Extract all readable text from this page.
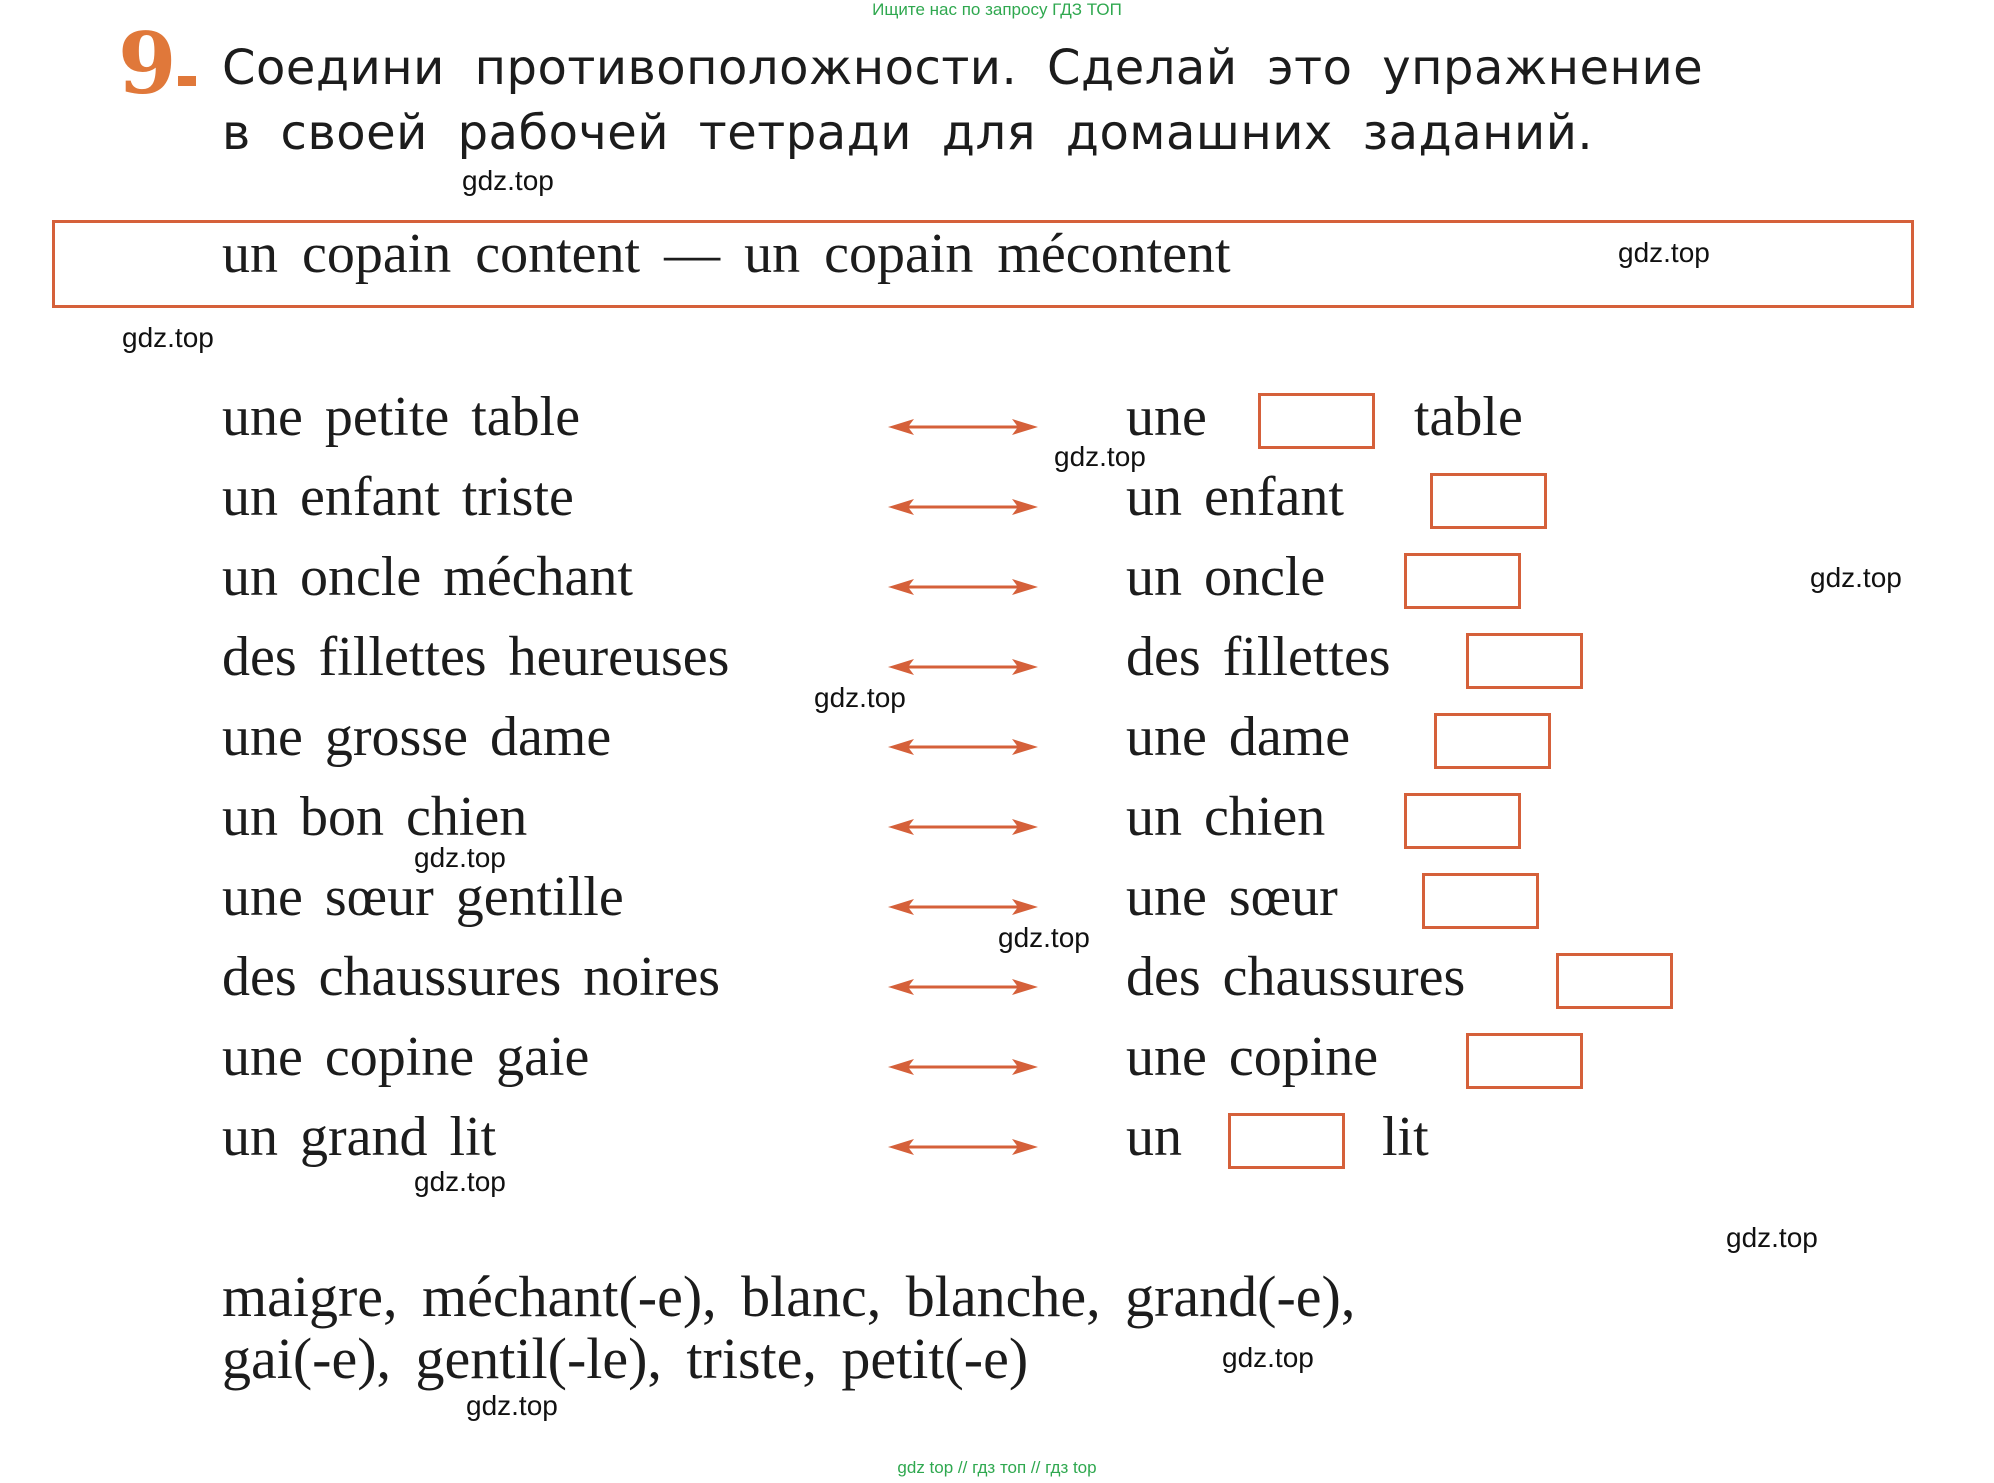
Ищите нас по запросу ГДЗ ТОП
9 Соедини противоположности. Сделай это упражнение
в своей рабочей тетради для домашних заданий.
un copain content — un copain mécontent
une petite table	une	table
un enfant triste	un enfant
un oncle méchant	un oncle
des fillettes heureuses	des fillettes
une grosse dame	une dame
un bon chien	un chien
une sœur gentille	une sœur
des chaussures noires	des chaussures
une copine gaie	une copine
un grand lit	un	lit
maigre, méchant(-e), blanc, blanche, grand(-e),
gai(-e), gentil(-le), triste, petit(-e)
gdz.top
gdz.top
gdz.top
gdz.top
gdz.top
gdz.top
gdz.top
gdz.top
gdz.top
gdz.top
gdz.top
gdz.top
gdz top // гдз топ // гдз top
